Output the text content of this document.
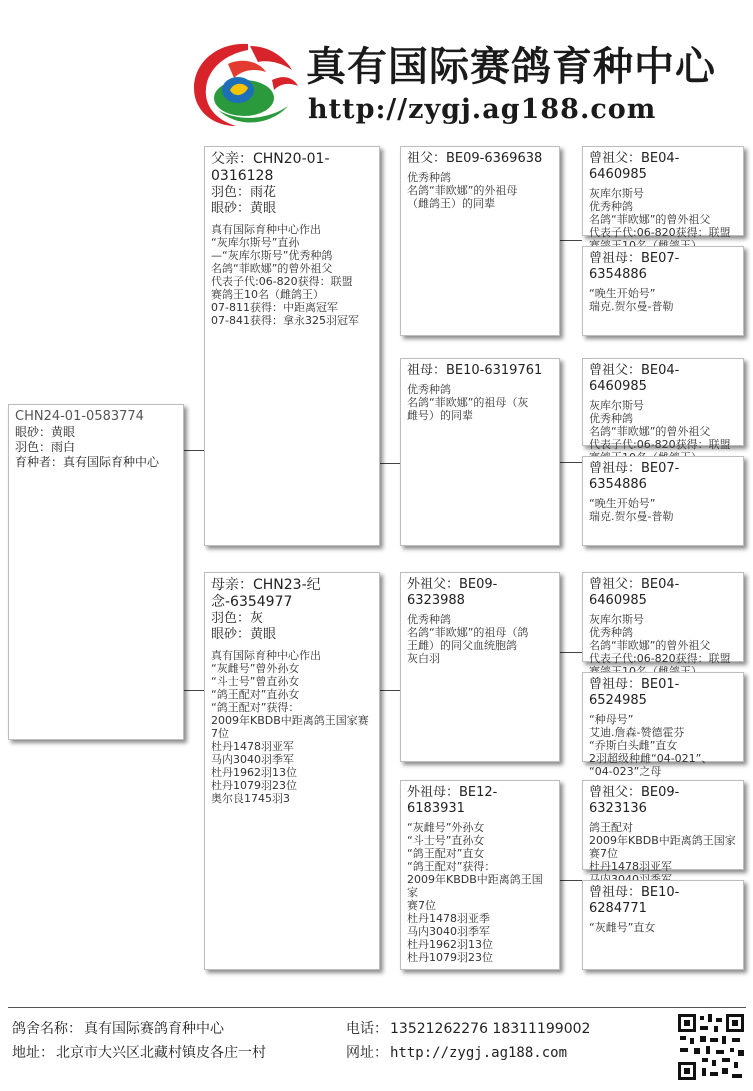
真有国际赛鸽育种中心
http://zygj.ag188.com
CHN24-01-0583774
眼砂：黄眼
羽色：雨白
育种者：真有国际育种中心
父亲：CHN20-01-0316128
羽色：雨花
眼砂：黄眼
真有国际育种中心作出
“灰库尔斯号”直孙
—“灰库尔斯号”优秀种鸽
名鸽“菲欧娜”的曾外祖父
代表子代:06-820获得：联盟
赛鸽王10名（雌鸽王）
07-811获得：中距离冠军
07-841获得：拿永325羽冠军
母亲：CHN23-纪念-6354977
羽色：灰
眼砂：黄眼
真有国际育种中心作出
“灰雌号”曾外孙女
“斗士号”曾直孙女
“鸽王配对”直孙女
“鸽王配对”获得：
2009年KBDB中距离鸽王国家赛
7位
杜丹1478羽亚军
马内3040羽季军
杜丹1962羽13位
杜丹1079羽23位
奥尔良1745羽3
祖父：BE09-6369638
优秀种鸽
名鸽“菲欧娜”的外祖母
（雌鸽王）的同辈
祖母：BE10-6319761
优秀种鸽
名鸽“菲欧娜”的祖母（灰
雌号）的同辈
外祖父：BE09-6323988
优秀种鸽
名鸽“菲欧娜”的祖母（鸽
王雌）的同父血统胞鸽
灰白羽
外祖母：BE12-6183931
“灰雌号”外孙女
“斗士号”直孙女
“鸽王配对”直女
“鸽王配对”获得：
2009年KBDB中距离鸽王国家
赛7位
杜丹1478羽亚季
马内3040羽季军
杜丹1962羽13位
杜丹1079羽23位
曾祖父：BE04-6460985
灰库尔斯号
优秀种鸽
名鸽“菲欧娜”的曾外祖父
代表子代:06-820获得：联盟

曾祖母：BE07-6354886
“晚生开始号”
瑞克.贺尔曼-普勒
曾祖父：BE04-6460985
灰库尔斯号
优秀种鸽
名鸽“菲欧娜”的曾外祖父
代表子代:06-820获得：联盟

曾祖母：BE07-6354886
“晚生开始号”
瑞克.贺尔曼-普勒
曾祖父：BE04-6460985
灰库尔斯号
优秀种鸽
名鸽“菲欧娜”的曾外祖父
代表子代:06-820获得：联盟

曾祖母：BE01-6524985
“种母号”
艾迪.詹森-赞德霍芬
“乔斯白头雌”直女
2羽超级种雌“04-021”、
“04-023”之母
曾祖父：BE09-6323136
鸽王配对
2009年KBDB中距离鸽王国家
赛7位
杜丹1478羽亚军

曾祖母：BE10-6284771
“灰雌号”直女
鸽舍名称： 真有国际赛鸽育种中心
地址： 北京市大兴区北藏村镇皮各庄一村
电话： 13521262276 18311199002
网址： http://zygj.ag188.com
